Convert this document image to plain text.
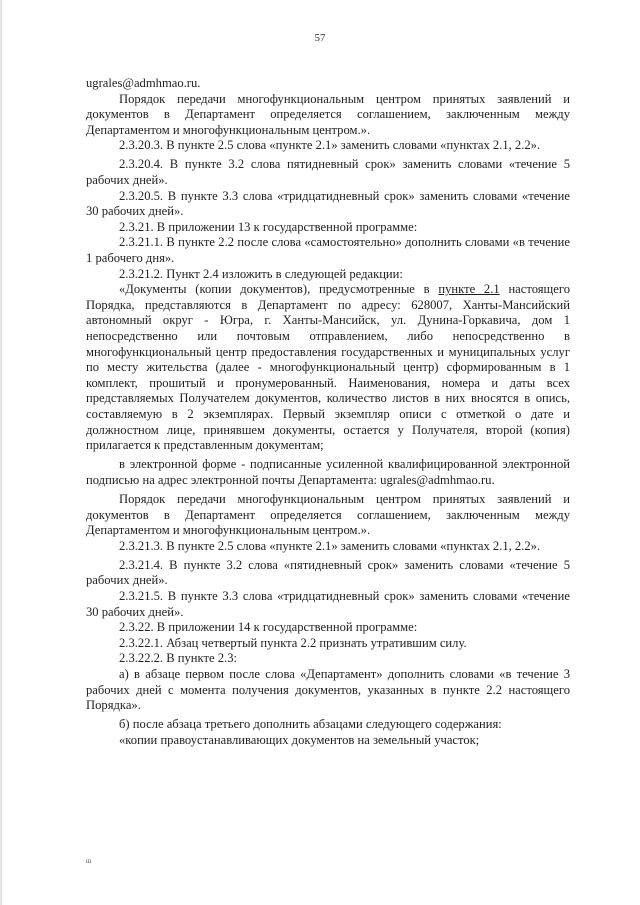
57

ugrales@admhmao.ru.

Порядок передачи многофункциональным центром принятых заявлений и документов в Департамент определяется соглашением, заключенным между Департаментом и многофункциональным центром.».

2.3.20.3. В пункте 2.5 слова «пункте 2.1» заменить словами «пунктах 2.1, 2.2».

2.3.20.4. В пункте 3.2 слова пятидневный срок» заменить словами «течение 5 рабочих дней».

2.3.20.5. В пункте 3.3 слова «тридцатидневный срок» заменить словами «течение 30 рабочих дней».

2.3.21. В приложении 13 к государственной программе:

2.3.21.1. В пункте 2.2 после слова «самостоятельно» дополнить словами «в течение 1 рабочего дня».

2.3.21.2. Пункт 2.4 изложить в следующей редакции:

«Документы (копии документов), предусмотренные в пункте 2.1 настоящего Порядка, представляются в Департамент по адресу: 628007, Ханты-Мансийский автономный округ - Югра, г. Ханты-Мансийск, ул. Дунина-Горкавича, дом 1 непосредственно или почтовым отправлением, либо непосредственно в многофункциональный центр предоставления государственных и муниципальных услуг по месту жительства (далее - многофункциональный центр) сформированным в 1 комплект, прошитый и пронумерованный. Наименования, номера и даты всех представляемых Получателем документов, количество листов в них вносятся в опись, составляемую в 2 экземплярах. Первый экземпляр описи с отметкой о дате и должностном лице, принявшем документы, остается у Получателя, второй (копия) прилагается к представленным документам;

в электронной форме - подписанные усиленной квалифицированной электронной подписью на адрес электронной почты Департамента: ugrales@admhmao.ru.

Порядок передачи многофункциональным центром принятых заявлений и документов в Департамент определяется соглашением, заключенным между Департаментом и многофункциональным центром.».

2.3.21.3. В пункте 2.5 слова «пункте 2.1» заменить словами «пунктах 2.1, 2.2».

2.3.21.4. В пункте 3.2 слова «пятидневный срок» заменить словами «течение 5 рабочих дней».

2.3.21.5. В пункте 3.3 слова «тридцатидневный срок» заменить словами «течение 30 рабочих дней».

2.3.22. В приложении 14 к государственной программе:

2.3.22.1. Абзац четвертый пункта 2.2 признать утратившим силу.

2.3.22.2. В пункте 2.3:

а) в абзаце первом после слова «Департамент» дополнить словами «в течение 3 рабочих дней с момента получения документов, указанных в пункте 2.2 настоящего Порядка».

б) после абзаца третьего дополнить абзацами следующего содержания:

«копии правоустанавливающих документов на земельный участок;

ш
